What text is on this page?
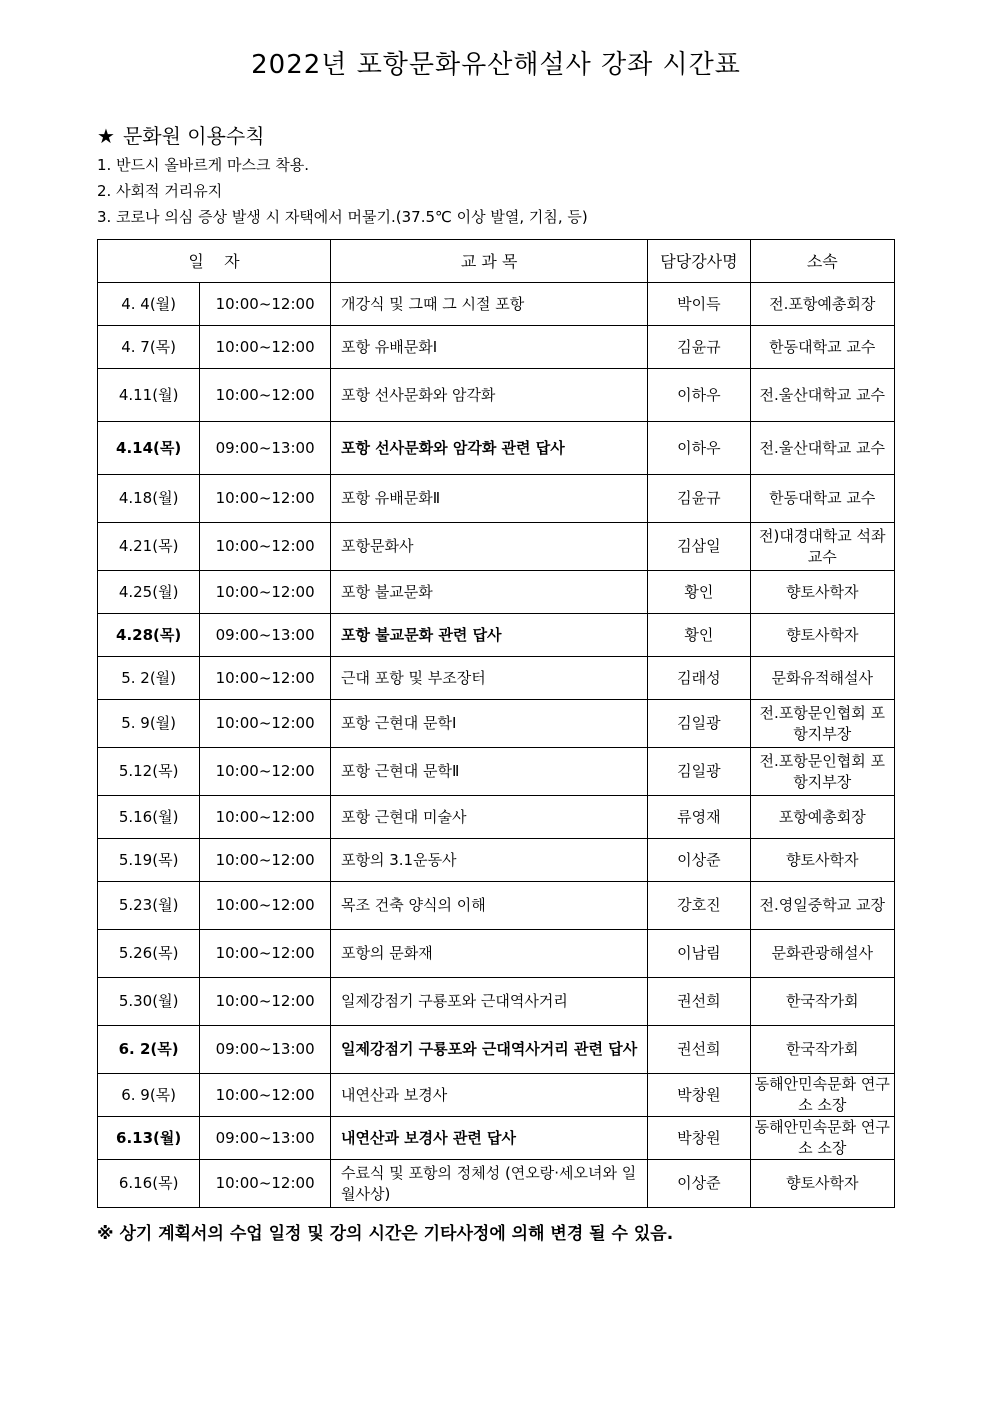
2022년 포항문화유산해설사 강좌 시간표
★ 문화원 이용수칙
1. 반드시 올바르게 마스크 착용.
2. 사회적 거리유지
3. 코로나 의심 증상 발생 시 자택에서 머물기.(37.5℃ 이상 발열, 기침, 등)
일    자		교 과 목	담당강사명	소속
4. 4(월)	10:00~12:00	개강식 및 그때 그 시절 포항	박이득	전.포항예총회장
4. 7(목)	10:00~12:00	포항 유배문화Ⅰ	김윤규	한동대학교 교수
4.11(월)	10:00~12:00	포항 선사문화와 암각화	이하우	전.울산대학교 교수
4.14(목)	09:00~13:00	포항 선사문화와 암각화 관련 답사	이하우	전.울산대학교 교수
4.18(월)	10:00~12:00	포항 유배문화Ⅱ	김윤규	한동대학교 교수
4.21(목)	10:00~12:00	포항문화사	김삼일	전)대경대학교 석좌교수
4.25(월)	10:00~12:00	포항 불교문화	황인	향토사학자
4.28(목)	09:00~13:00	포항 불교문화 관련 답사	황인	향토사학자
5. 2(월)	10:00~12:00	근대 포항 및 부조장터	김래성	문화유적해설사
5. 9(월)	10:00~12:00	포항 근현대 문학Ⅰ	김일광	전.포항문인협회 포항지부장
5.12(목)	10:00~12:00	포항 근현대 문학Ⅱ	김일광	전.포항문인협회 포항지부장
5.16(월)	10:00~12:00	포항 근현대 미술사	류영재	포항예총회장
5.19(목)	10:00~12:00	포항의 3.1운동사	이상준	향토사학자
5.23(월)	10:00~12:00	목조 건축 양식의 이해	강호진	전.영일중학교 교장
5.26(목)	10:00~12:00	포항의 문화재	이남림	문화관광해설사
5.30(월)	10:00~12:00	일제강점기 구룡포와 근대역사거리	권선희	한국작가회
6. 2(목)	09:00~13:00	일제강점기 구룡포와 근대역사거리 관련 답사	권선희	한국작가회
6. 9(목)	10:00~12:00	내연산과 보경사	박창원	동해안민속문화 연구소 소장
6.13(월)	09:00~13:00	내연산과 보경사 관련 답사	박창원	동해안민속문화 연구소 소장
6.16(목)	10:00~12:00	수료식 및 포항의 정체성 (연오랑·세오녀와 일월사상)	이상준	향토사학자
※ 상기 계획서의 수업 일정 및 강의 시간은 기타사정에 의해 변경 될 수 있음.
